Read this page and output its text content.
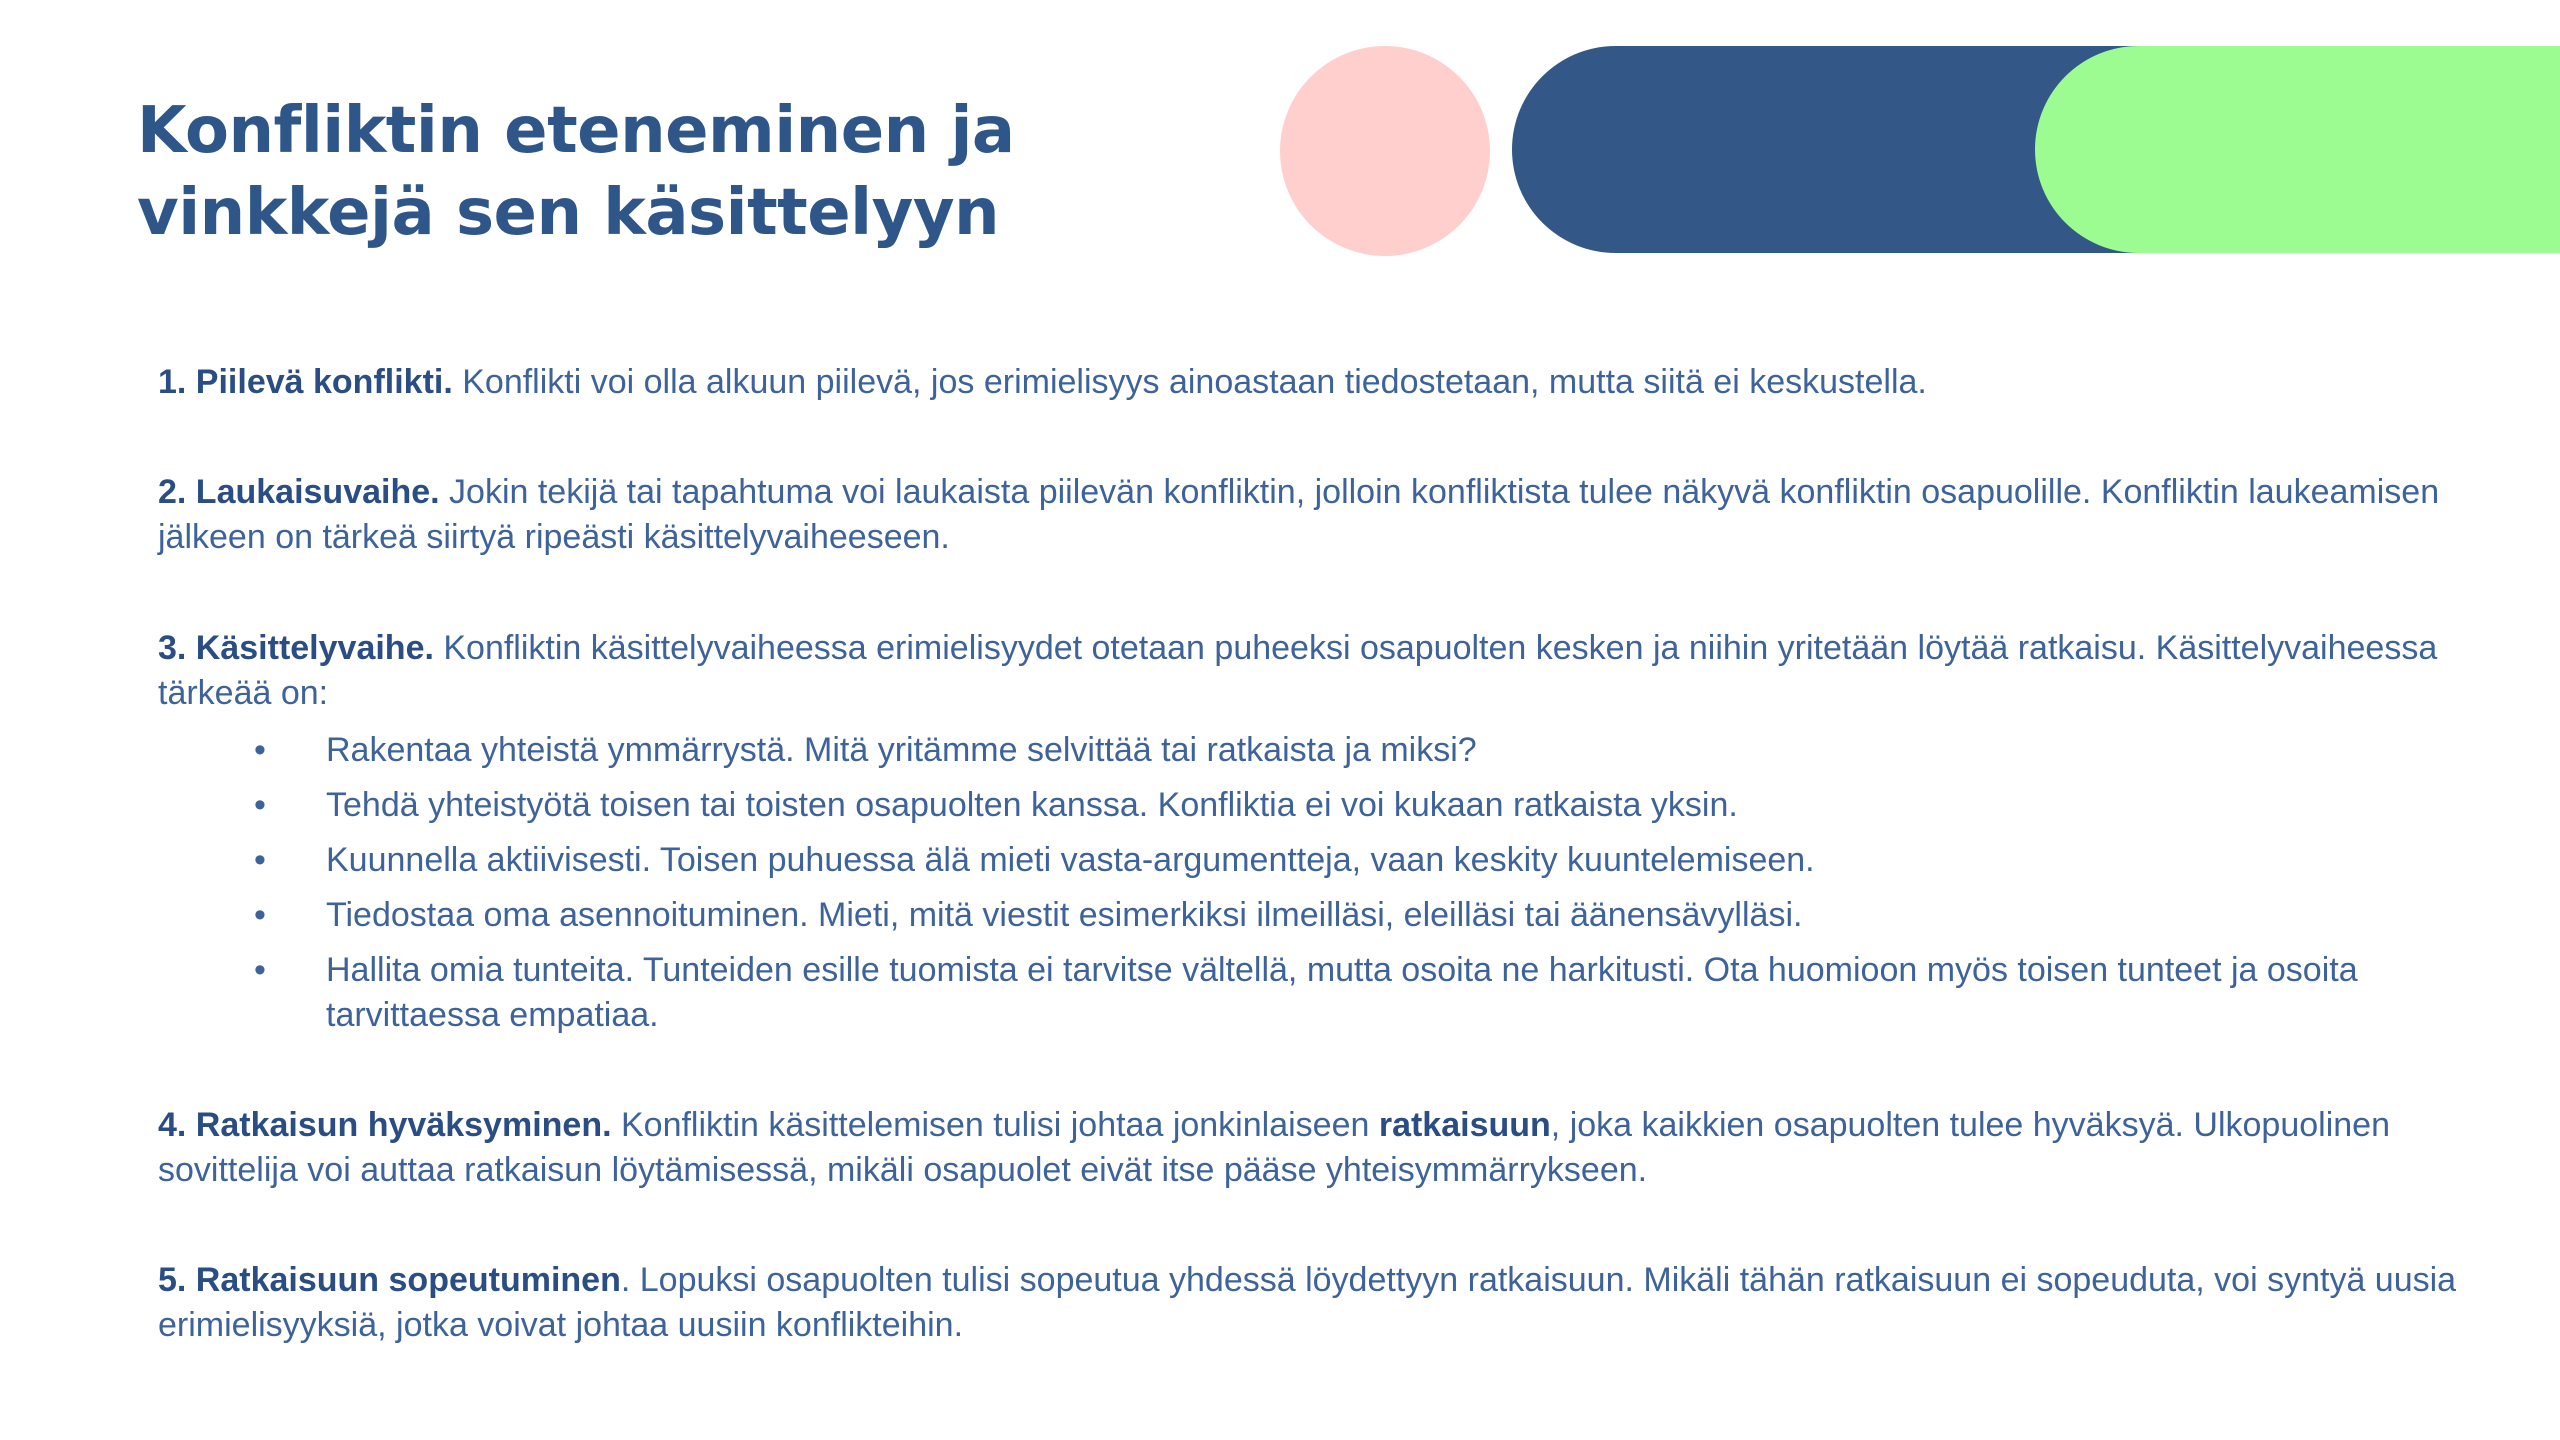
Konfliktin eteneminen ja
vinkkejä sen käsittelyyn

1. Piilevä konflikti. Konflikti voi olla alkuun piilevä, jos erimielisyys ainoastaan tiedostetaan, mutta siitä ei keskustella.

2. Laukaisuvaihe. Jokin tekijä tai tapahtuma voi laukaista piilevän konfliktin, jolloin konfliktista tulee näkyvä konfliktin osapuolille. Konfliktin laukeamisen jälkeen on tärkeä siirtyä ripeästi käsittelyvaiheeseen.

3. Käsittelyvaihe. Konfliktin käsittelyvaiheessa erimielisyydet otetaan puheeksi osapuolten kesken ja niihin yritetään löytää ratkaisu. Käsittelyvaiheessa tärkeää on:

• Rakentaa yhteistä ymmärrystä. Mitä yritämme selvittää tai ratkaista ja miksi?
• Tehdä yhteistyötä toisen tai toisten osapuolten kanssa. Konfliktia ei voi kukaan ratkaista yksin.
• Kuunnella aktiivisesti. Toisen puhuessa älä mieti vasta-argumentteja, vaan keskity kuuntelemiseen.
• Tiedostaa oma asennoituminen. Mieti, mitä viestit esimerkiksi ilmeilläsi, eleilläsi tai äänensävylläsi.
• Hallita omia tunteita. Tunteiden esille tuomista ei tarvitse vältellä, mutta osoita ne harkitusti. Ota huomioon myös toisen tunteet ja osoita tarvittaessa empatiaa.

4. Ratkaisun hyväksyminen. Konfliktin käsittelemisen tulisi johtaa jonkinlaiseen ratkaisuun, joka kaikkien osapuolten tulee hyväksyä. Ulkopuolinen sovittelija voi auttaa ratkaisun löytämisessä, mikäli osapuolet eivät itse pääse yhteisymmärrykseen.

5. Ratkaisuun sopeutuminen. Lopuksi osapuolten tulisi sopeutua yhdessä löydettyyn ratkaisuun. Mikäli tähän ratkaisuun ei sopeuduta, voi syntyä uusia erimielisyyksiä, jotka voivat johtaa uusiin konflikteihin.
